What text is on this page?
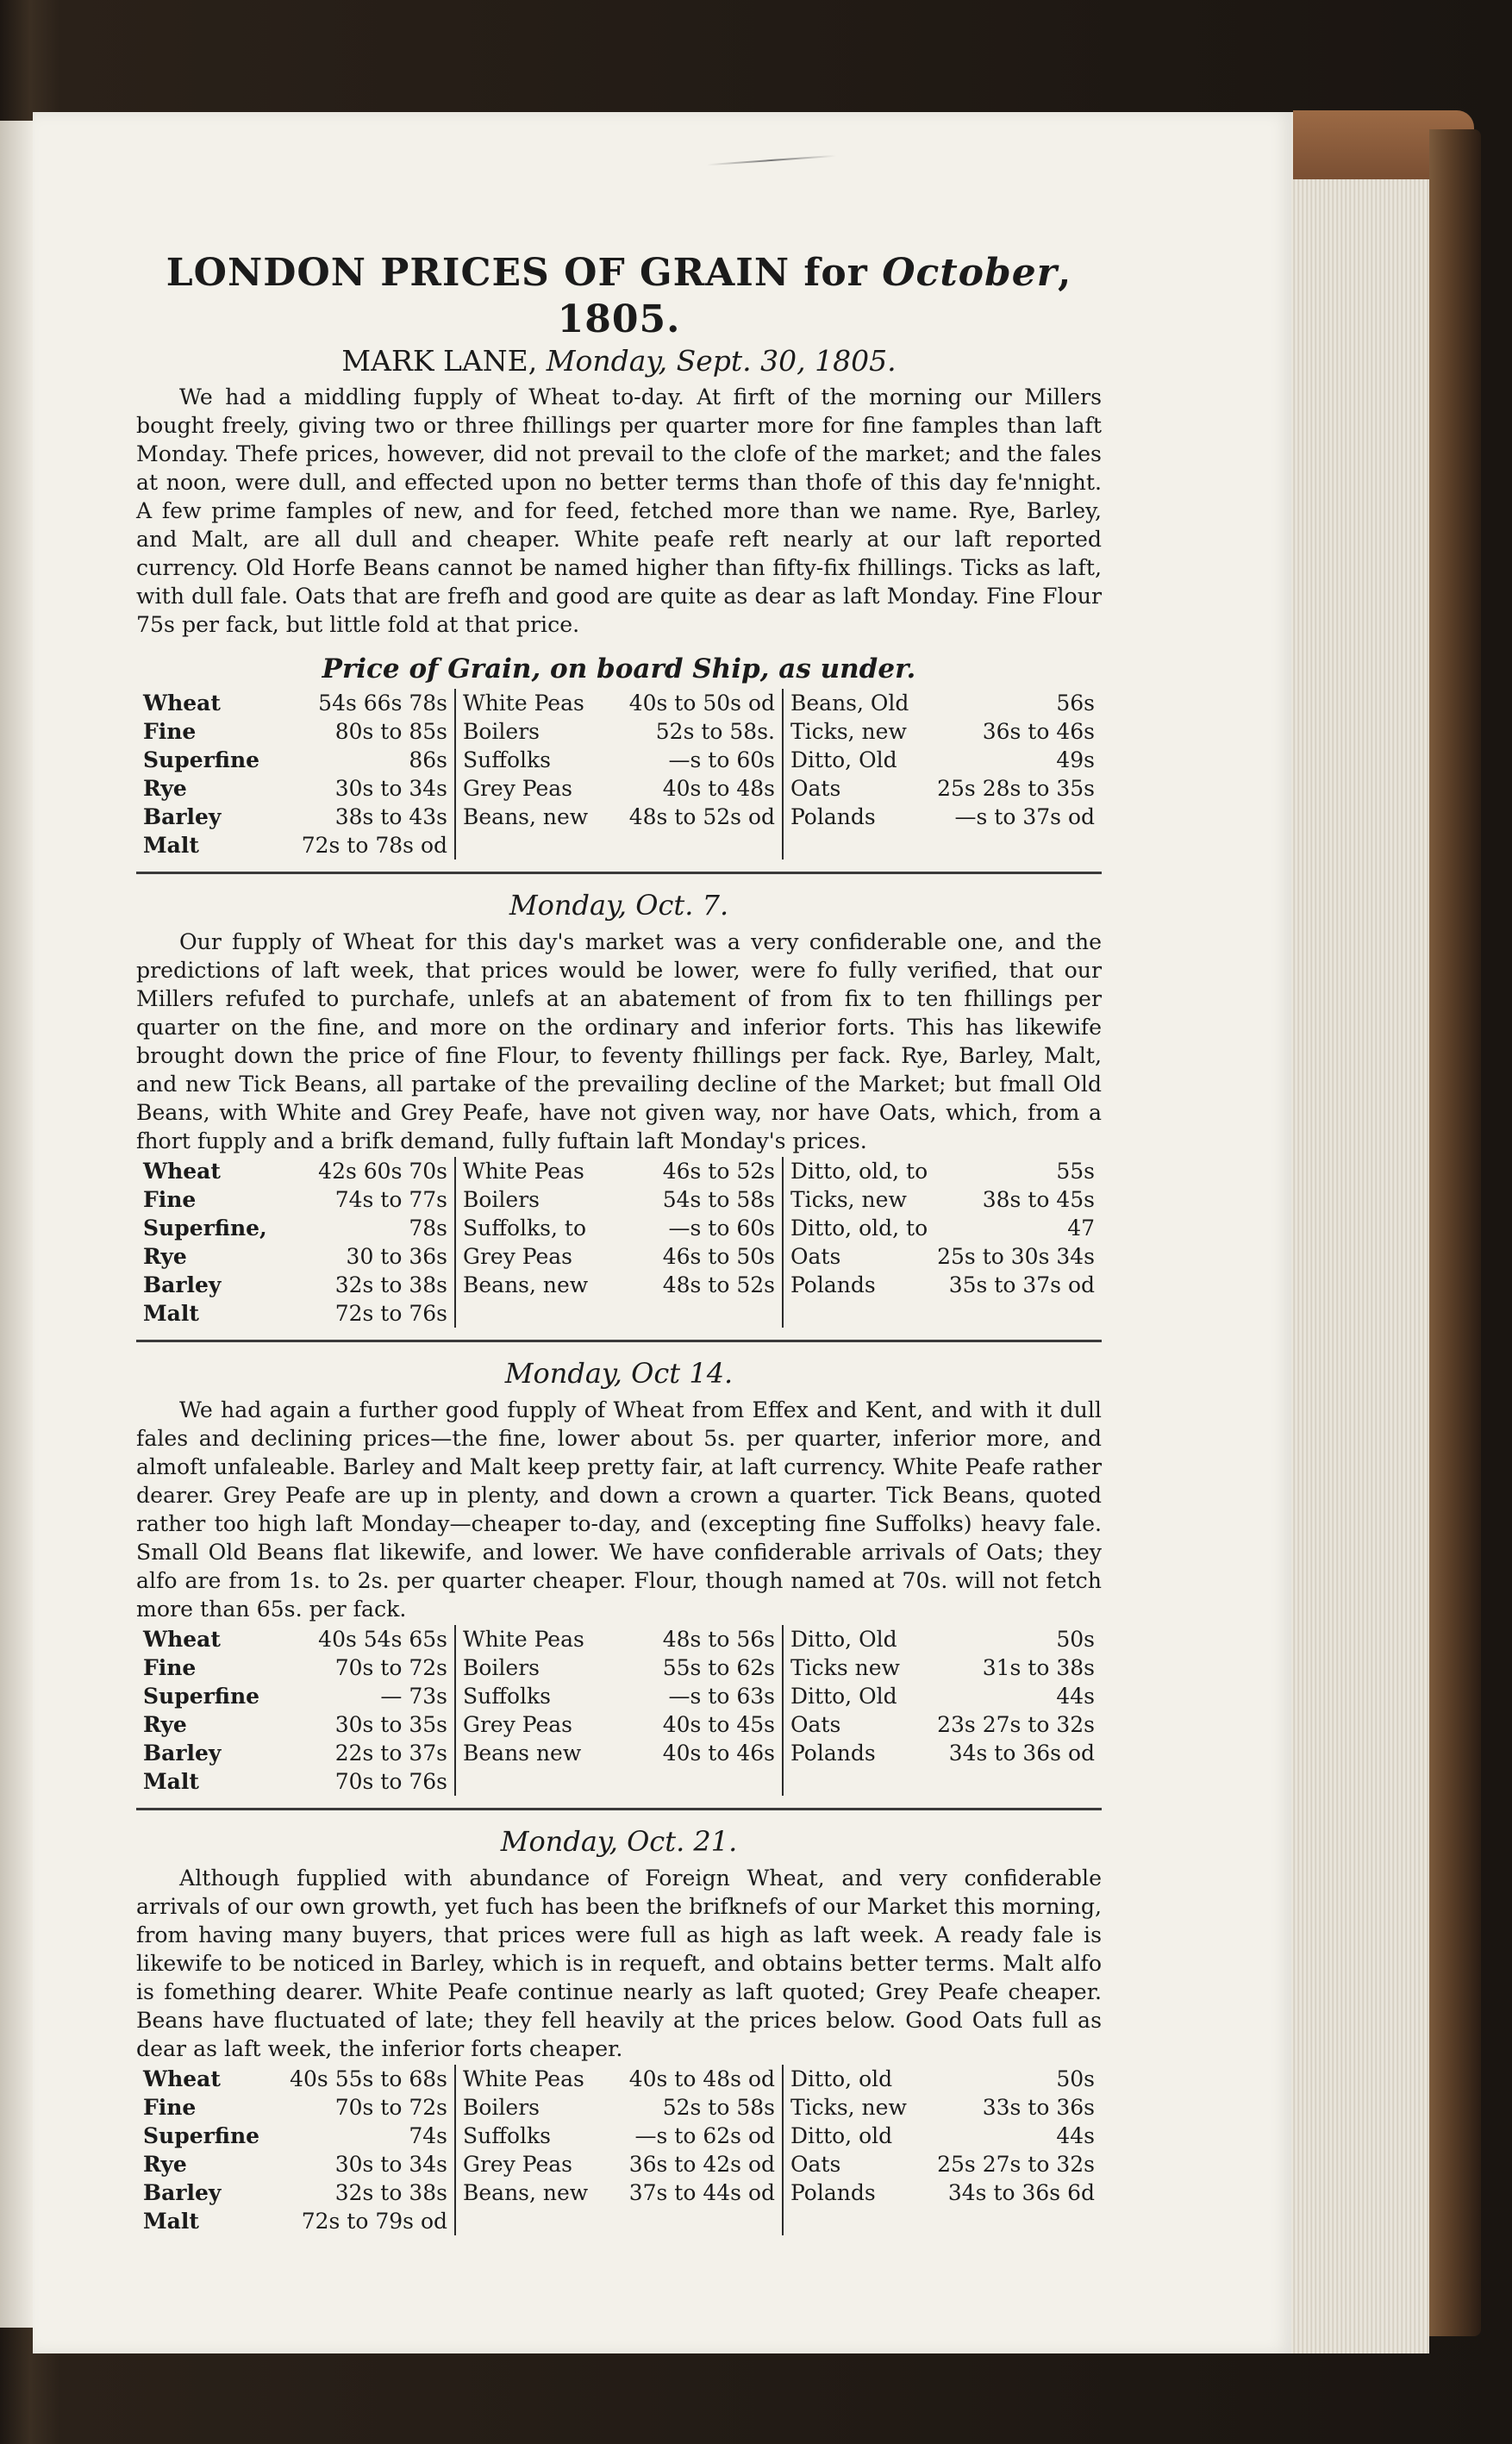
LONDON PRICES OF GRAIN for October, 1805.
MARK LANE, Monday, Sept. 30, 1805.

We had a middling fupply of Wheat to-day. At firft of the morning our Millers bought freely, giving two or three fhillings per quarter more for fine famples than laft Monday. Thefe prices, however, did not prevail to the clofe of the market; and the fales at noon, were dull, and effected upon no better terms than thofe of this day fe'nnight. A few prime famples of new, and for feed, fetched more than we name. Rye, Barley, and Malt, are all dull and cheaper. White peafe reft nearly at our laft reported currency. Old Horfe Beans cannot be named higher than fifty-fix fhillings. Ticks as laft, with dull fale. Oats that are frefh and good are quite as dear as laft Monday. Fine Flour 75s per fack, but little fold at that price.

Price of Grain, on board Ship, as under.
Wheat 54s 66s 78s	White Peas 40s to 50s od	Beans, Old 56s

Fine 80s to 85s	Boilers 52s to 58s.	Ticks, new 36s to 46s

Superfine 86s	Suffolks —s to 60s	Ditto, Old 49s

Rye 30s to 34s	Grey Peas 40s to 48s	Oats 25s 28s to 35s

Barley 38s to 43s	Beans, new 48s to 52s od	Polands —s to 37s od

Malt 72s to 78s od		

Monday, Oct. 7.

Our fupply of Wheat for this day's market was a very confiderable one, and the predictions of laft week, that prices would be lower, were fo fully verified, that our Millers refufed to purchafe, unlefs at an abatement of from fix to ten fhillings per quarter on the fine, and more on the ordinary and inferior forts. This has likewife brought down the price of fine Flour, to feventy fhillings per fack. Rye, Barley, Malt, and new Tick Beans, all partake of the prevailing decline of the Market; but fmall Old Beans, with White and Grey Peafe, have not given way, nor have Oats, which, from a fhort fupply and a brifk demand, fully fuftain laft Monday's prices.

Wheat 42s 60s 70s	White Peas 46s to 52s	Ditto, old, to 55s

Fine 74s to 77s	Boilers 54s to 58s	Ticks, new 38s to 45s

Superfine, 78s	Suffolks, to —s to 60s	Ditto, old, to 47

Rye 30 to 36s	Grey Peas 46s to 50s	Oats 25s to 30s 34s

Barley 32s to 38s	Beans, new 48s to 52s	Polands 35s to 37s od

Malt 72s to 76s		

Monday, Oct 14.

We had again a further good fupply of Wheat from Effex and Kent, and with it dull fales and declining prices—the fine, lower about 5s. per quarter, inferior more, and almoft unfaleable. Barley and Malt keep pretty fair, at laft currency. White Peafe rather dearer. Grey Peafe are up in plenty, and down a crown a quarter. Tick Beans, quoted rather too high laft Monday—cheaper to-day, and (excepting fine Suffolks) heavy fale. Small Old Beans flat likewife, and lower. We have confiderable arrivals of Oats; they alfo are from 1s. to 2s. per quarter cheaper. Flour, though named at 70s. will not fetch more than 65s. per fack.

Wheat 40s 54s 65s	White Peas 48s to 56s	Ditto, Old 50s

Fine 70s to 72s	Boilers 55s to 62s	Ticks new 31s to 38s

Superfine — 73s	Suffolks —s to 63s	Ditto, Old 44s

Rye 30s to 35s	Grey Peas 40s to 45s	Oats 23s 27s to 32s

Barley 22s to 37s	Beans new 40s to 46s	Polands 34s to 36s od

Malt 70s to 76s		

Monday, Oct. 21.

Although fupplied with abundance of Foreign Wheat, and very confiderable arrivals of our own growth, yet fuch has been the brifknefs of our Market this morning, from having many buyers, that prices were full as high as laft week. A ready fale is likewife to be noticed in Barley, which is in requeft, and obtains better terms. Malt alfo is fomething dearer. White Peafe continue nearly as laft quoted; Grey Peafe cheaper. Beans have fluctuated of late; they fell heavily at the prices below. Good Oats full as dear as laft week, the inferior forts cheaper.

Wheat 40s 55s to 68s	White Peas 40s to 48s od	Ditto, old 50s

Fine 70s to 72s	Boilers 52s to 58s	Ticks, new 33s to 36s

Superfine 74s	Suffolks —s to 62s od	Ditto, old 44s

Rye 30s to 34s	Grey Peas 36s to 42s od	Oats 25s 27s to 32s

Barley 32s to 38s	Beans, new 37s to 44s od	Polands 34s to 36s 6d

Malt 72s to 79s od		
